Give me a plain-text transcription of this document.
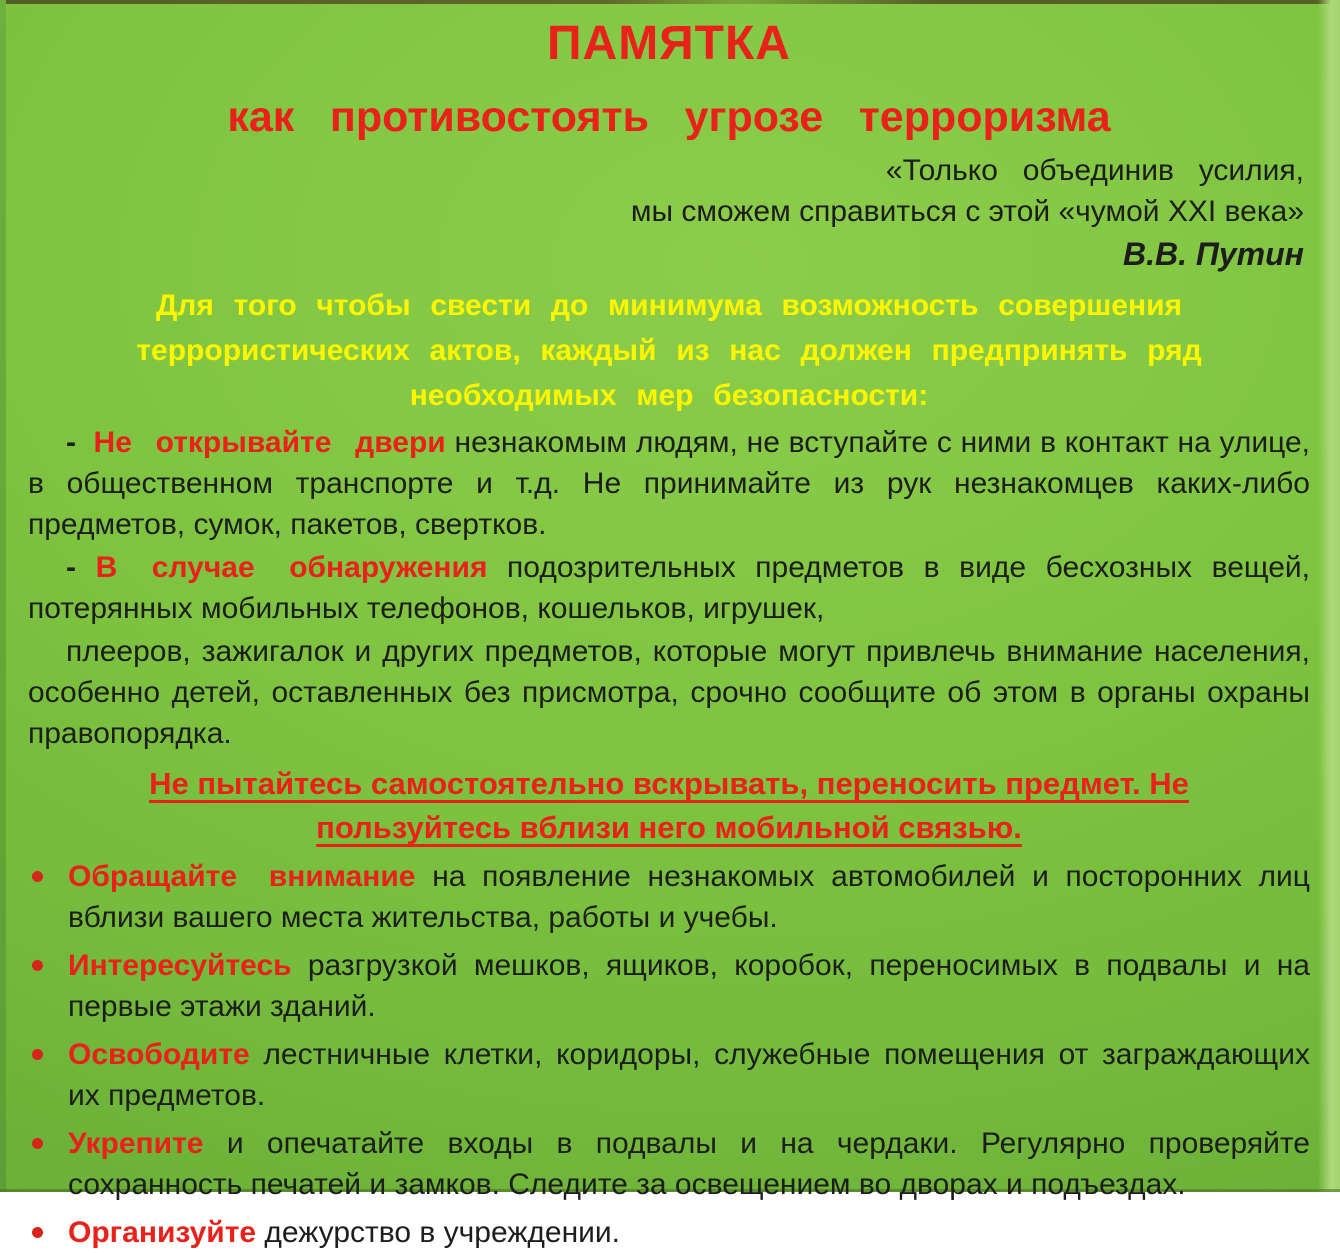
ПАМЯТКА
как противостоять угрозе терроризма
«Только объединив усилия,
мы сможем справиться с этой «чумой XXI века»
В.В. Путин

Для того чтобы свести до минимума возможность совершения террористических актов, каждый из нас должен предпринять ряд необходимых мер безопасности:

- Не открывайте двери незнакомым людям, не вступайте с ними в контакт на улице, в общественном транспорте и т.д. Не принимайте из рук незнакомцев каких-либо предметов, сумок, пакетов, свертков.

- В случае обнаружения подозрительных предметов в виде бесхозных вещей, потерянных мобильных телефонов, кошельков, игрушек,

плееров, зажигалок и других предметов, которые могут привлечь внимание населения, особенно детей, оставленных без присмотра, срочно сообщите об этом в органы охраны правопорядка.

Не пытайтесь самостоятельно вскрывать, переносить предмет. Не пользуйтесь вблизи него мобильной связью.

Обращайте внимание на появление незнакомых автомобилей и посторонних лиц вблизи вашего места жительства, работы и учебы.
Интересуйтесь разгрузкой мешков, ящиков, коробок, переносимых в подвалы и на первые этажи зданий.
Освободите лестничные клетки, коридоры, служебные помещения от заграждающих их предметов.
Укрепите и опечатайте входы в подвалы и на чердаки. Регулярно проверяйте сохранность печатей и замков. Следите за освещением во дворах и подъездах.
Организуйте дежурство в учреждении.
